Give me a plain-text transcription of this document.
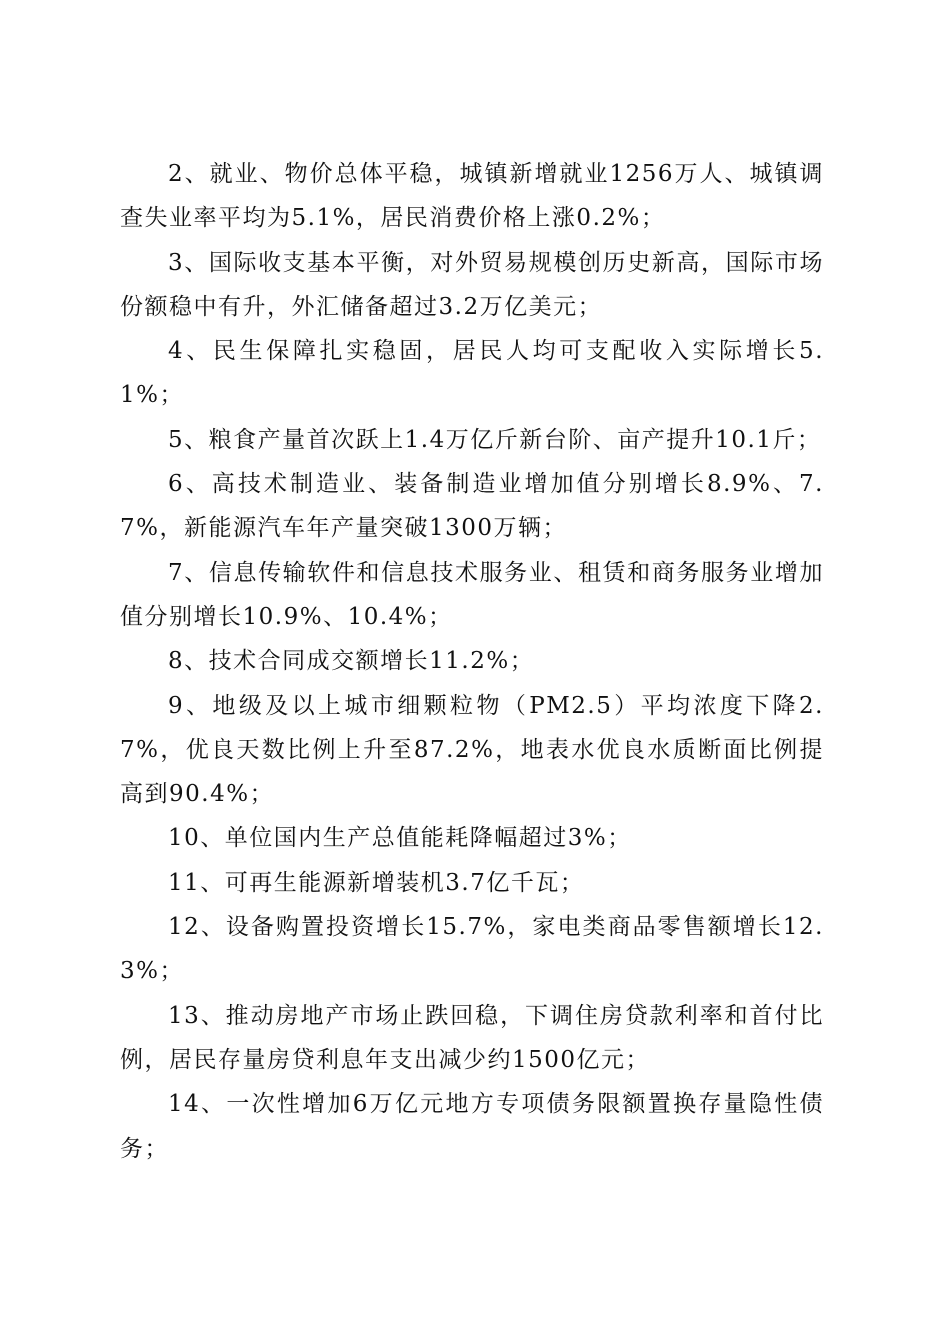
2、就业、物价总体平稳，城镇新增就业1256万人、城镇调查失业率平均为5.1%，居民消费价格上涨0.2%；

3、国际收支基本平衡，对外贸易规模创历史新高，国际市场份额稳中有升，外汇储备超过3.2万亿美元；

4、民生保障扎实稳固，居民人均可支配收入实际增长5.1%；

5、粮食产量首次跃上1.4万亿斤新台阶、亩产提升10.1斤；

6、高技术制造业、装备制造业增加值分别增长8.9%、7.7%，新能源汽车年产量突破1300万辆；

7、信息传输软件和信息技术服务业、租赁和商务服务业增加值分别增长10.9%、10.4%；

8、技术合同成交额增长11.2%；

9、地级及以上城市细颗粒物（PM2.5）平均浓度下降2.7%，优良天数比例上升至87.2%，地表水优良水质断面比例提高到90.4%；

10、单位国内生产总值能耗降幅超过3%；

11、可再生能源新增装机3.7亿千瓦；

12、设备购置投资增长15.7%，家电类商品零售额增长12.3%；

13、推动房地产市场止跌回稳，下调住房贷款利率和首付比例，居民存量房贷利息年支出减少约1500亿元；

14、一次性增加6万亿元地方专项债务限额置换存量隐性债务；
